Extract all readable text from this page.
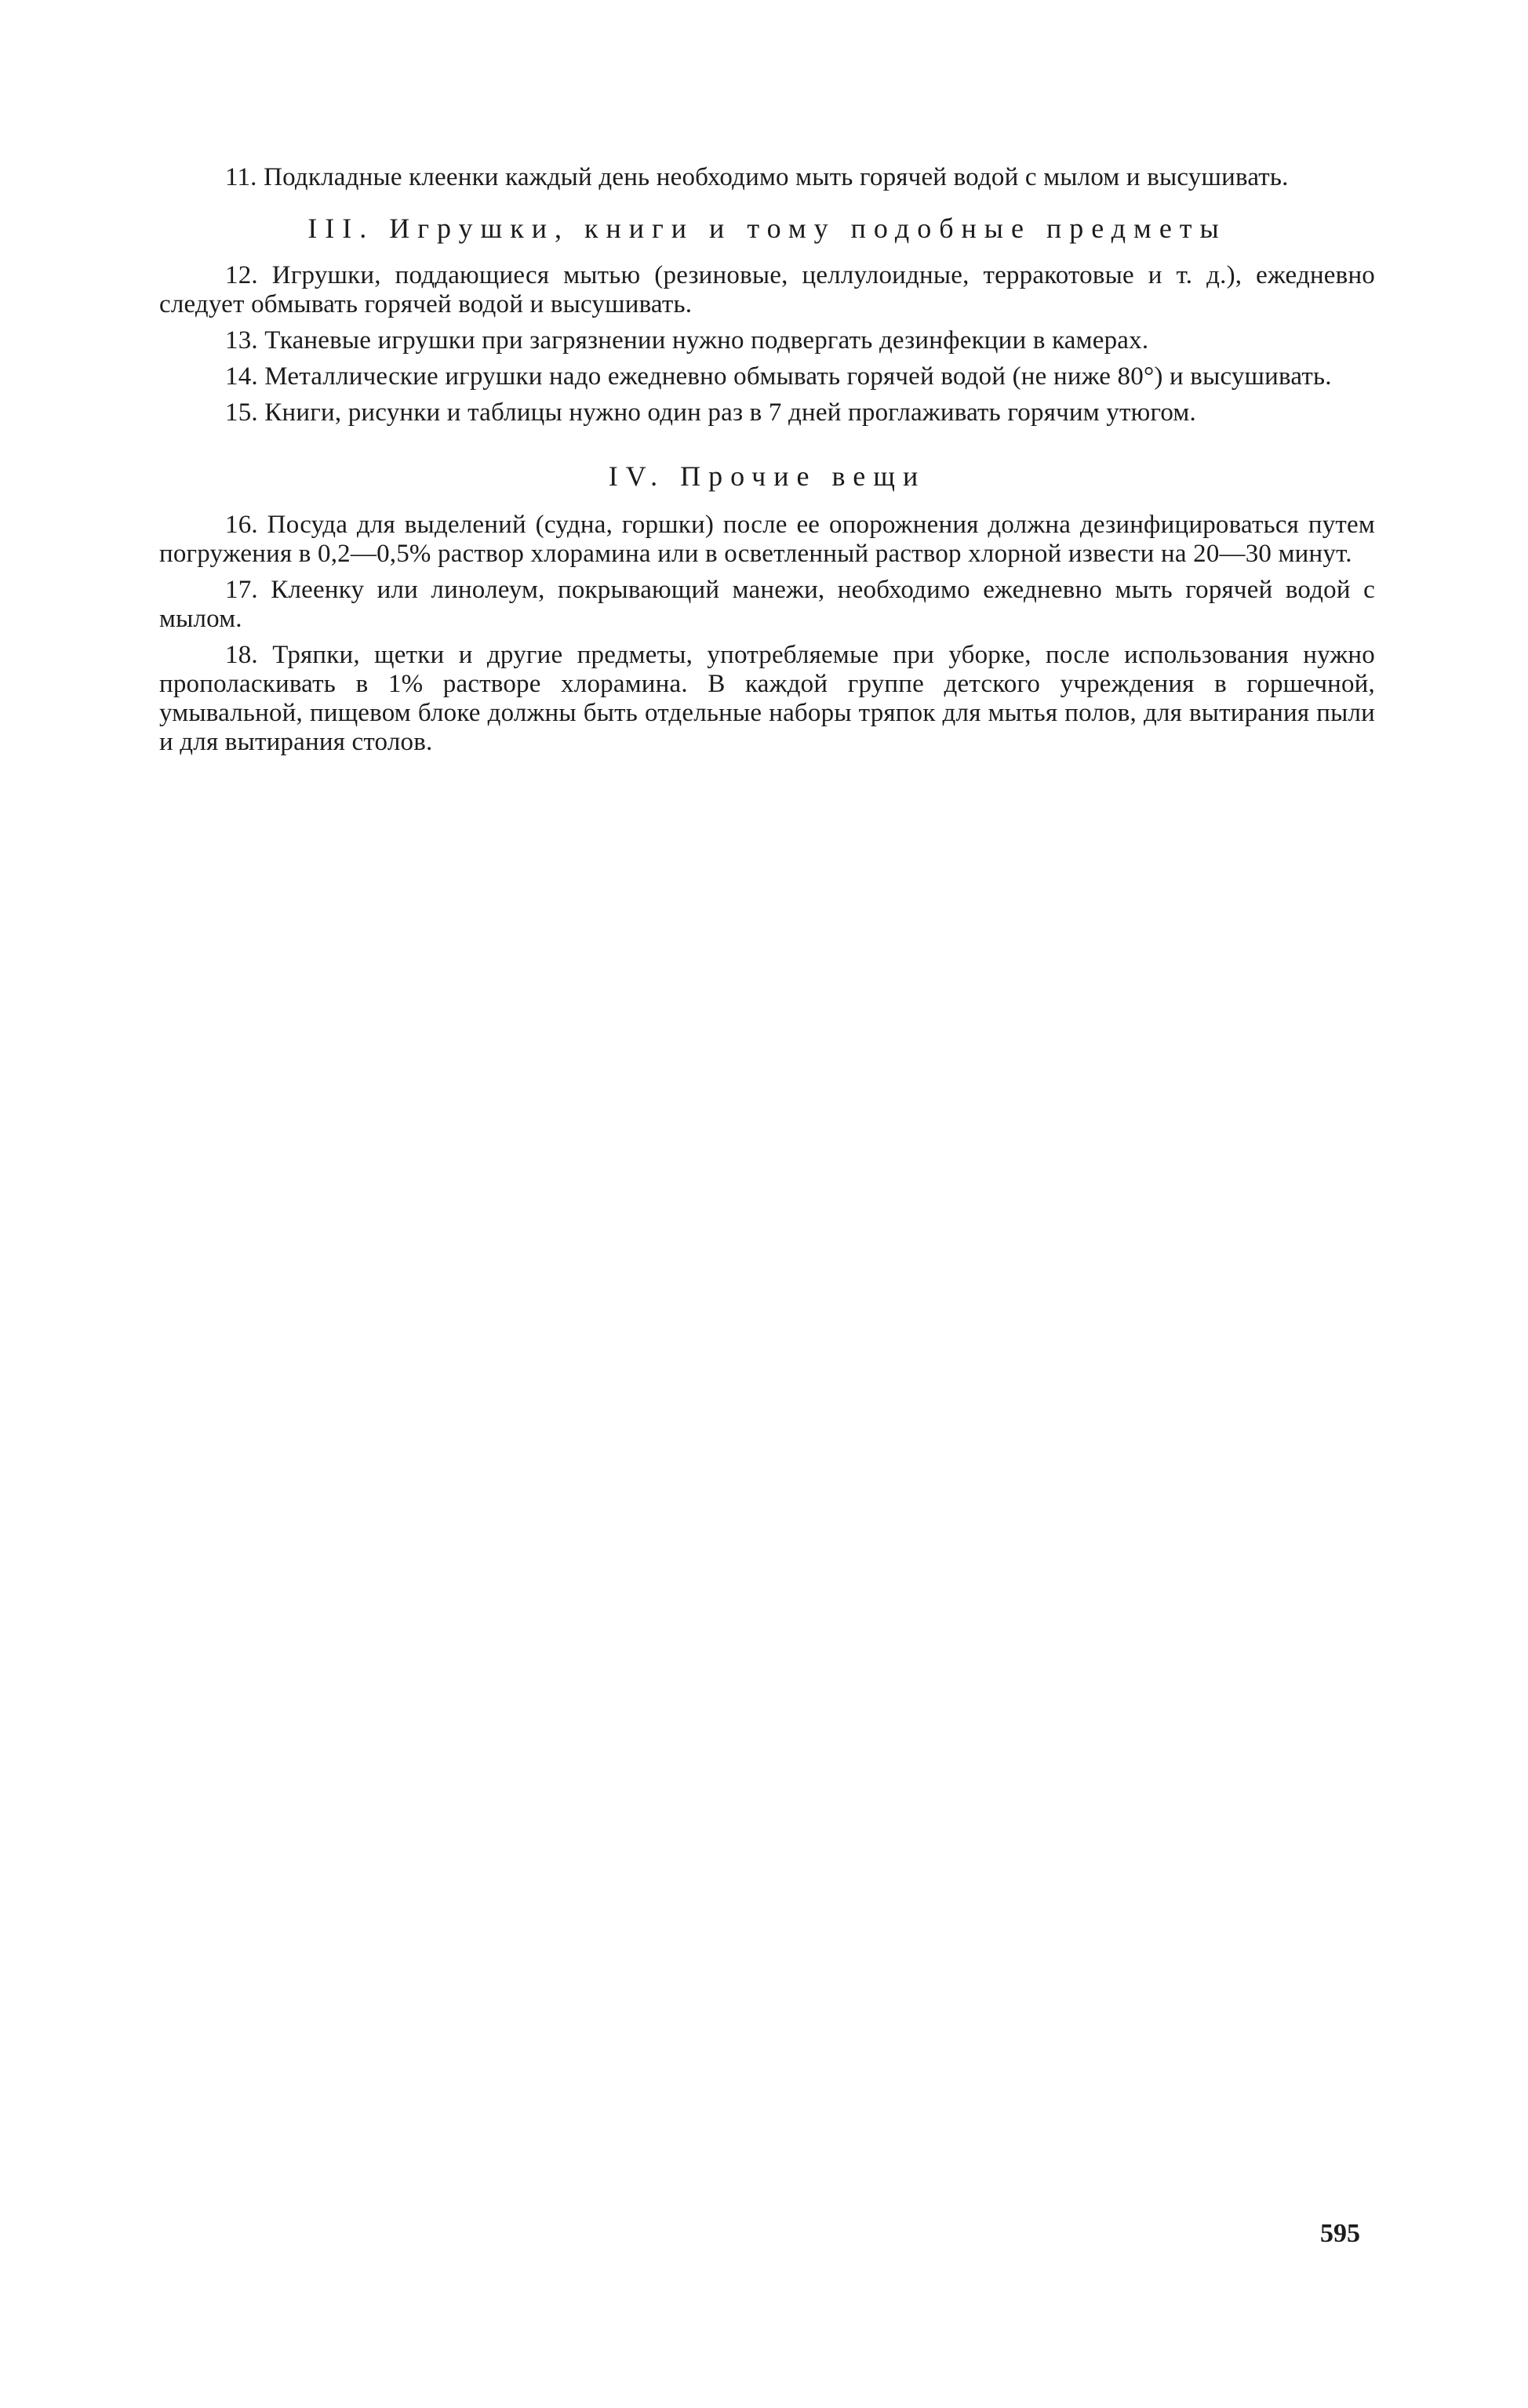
11. Подкладные клеенки каждый день необходимо мыть горячей водой с мылом и высушивать.

III. Игрушки, книги и тому подобные предметы

12. Игрушки, поддающиеся мытью (резиновые, целлулоидные, терракотовые и т. д.), ежедневно следует обмывать горячей водой и высушивать.

13. Тканевые игрушки при загрязнении нужно подвергать дезинфекции в камерах.

14. Металлические игрушки надо ежедневно обмывать горячей водой (не ниже 80°) и высушивать.

15. Книги, рисунки и таблицы нужно один раз в 7 дней проглаживать горячим утюгом.

IV. Прочие вещи

16. Посуда для выделений (судна, горшки) после ее опорожнения должна дезинфицироваться путем погружения в 0,2—0,5% раствор хлорамина или в осветленный раствор хлорной извести на 20—30 минут.

17. Клеенку или линолеум, покрывающий манежи, необходимо ежедневно мыть горячей водой с мылом.

18. Тряпки, щетки и другие предметы, употребляемые при уборке, после использования нужно прополаскивать в 1% растворе хлорамина. В каждой группе детского учреждения в горшечной, умывальной, пищевом блоке должны быть отдельные наборы тряпок для мытья полов, для вытирания пыли и для вытирания столов.

595
